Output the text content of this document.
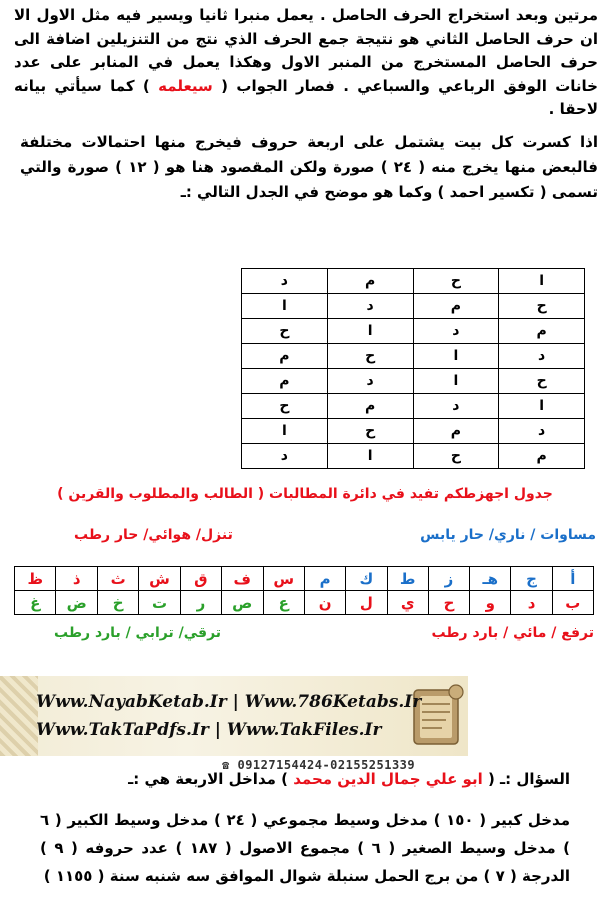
مرتين وبعد استخراج الحرف الحاصل . يعمل منبرا ثانيا ويسير فيه مثل الاول الا ان حرف الحاصل الثاني هو نتيجة جمع الحرف الذي نتج من التنزيلين اضافة الى حرف الحاصل المستخرج من المنبر الاول وهكذا يعمل في المنابر على عدد خانات الوفق الرباعي والسباعي . فصار الجواب ( سيعلمه ) كما سيأتي بيانه لاحقا .
اذا كسرت كل بيت يشتمل على اربعة حروف فيخرج منها احتمالات مختلفة فالبعض منها يخرج منه ( ٢٤ ) صورة ولكن المقصود هنا هو ( ١٢ ) صورة والتي تسمى ( تكسير احمد ) وكما هو موضح في الجدل التالي :ـ
ا	ح	م	د
ح	م	د	ا
م	د	ا	ح
د	ا	ح	م
ح	ا	د	م
ا	د	م	ح
د	م	ح	ا
م	ح	ا	د
جدول اجهزطكم تفيد في دائرة المطالبات ( الطالب والمطلوب والقرين )
مساوات / ناري/ حار يابس
تنزل/ هوائي/ حار رطب
أ	ج	هـ	ز	ط	ك	م	س	ف	ق	ش	ث	ذ	ظ
ب	د	و	ح	ي	ل	ن	ع	ص	ر	ت	خ	ض	غ
ترفع / مائي / بارد رطب
ترقي/ ترابي / بارد رطب
Www.NayabKetab.Ir | Www.786Ketabs.Ir
Www.TakTaPdfs.Ir | Www.TakFiles.Ir
☎ 09127154424-02155251339
السؤال :ـ ( ابو علي جمال الدين محمد ) مداخل الاربعة هي :ـ
مدخل كبير ( ١٥٠ ) مدخل وسيط مجموعي ( ٢٤ ) مدخل وسيط الكبير ( ٦ ) مدخل وسيط الصغير ( ٦ ) مجموع الاصول ( ١٨٧ ) عدد حروفه ( ٩ ) الدرجة ( ٧ ) من برج الحمل سنبلة شوال الموافق سه شنبه سنة ( ١١٥٥ )
